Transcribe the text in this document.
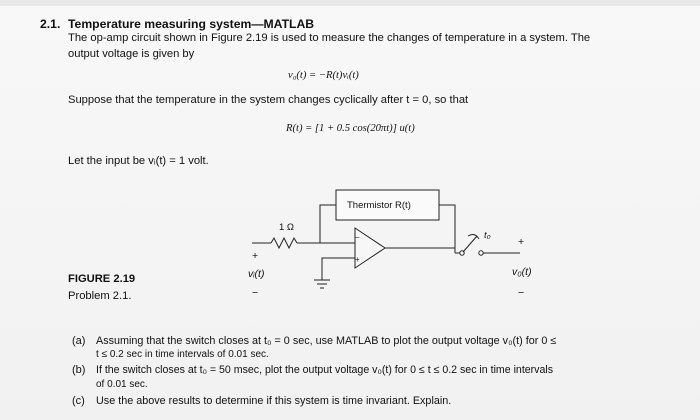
2.1. Temperature measuring system—MATLAB
The op-amp circuit shown in Figure 2.19 is used to measure the changes of temperature in a system. The
output voltage is given by
v₀(t) = −R(t)vᵢ(t)
Suppose that the temperature in the system changes cyclically after t = 0, so that
R(t) = [1 + 0.5 cos(20πt)] u(t)
Let the input be vᵢ(t) = 1 volt.
−
+
Thermistor R(t)
1 Ω
t₀
+
vᵢ(t)
−
+
v₀(t)
−
FIGURE 2.19
Problem 2.1.
(a) Assuming that the switch closes at t₀ = 0 sec, use MATLAB to plot the output voltage v₀(t) for 0 ≤
t ≤ 0.2 sec in time intervals of 0.01 sec.
(b) If the switch closes at t₀ = 50 msec, plot the output voltage v₀(t) for 0 ≤ t ≤ 0.2 sec in time intervals
of 0.01 sec.
(c) Use the above results to determine if this system is time invariant. Explain.
